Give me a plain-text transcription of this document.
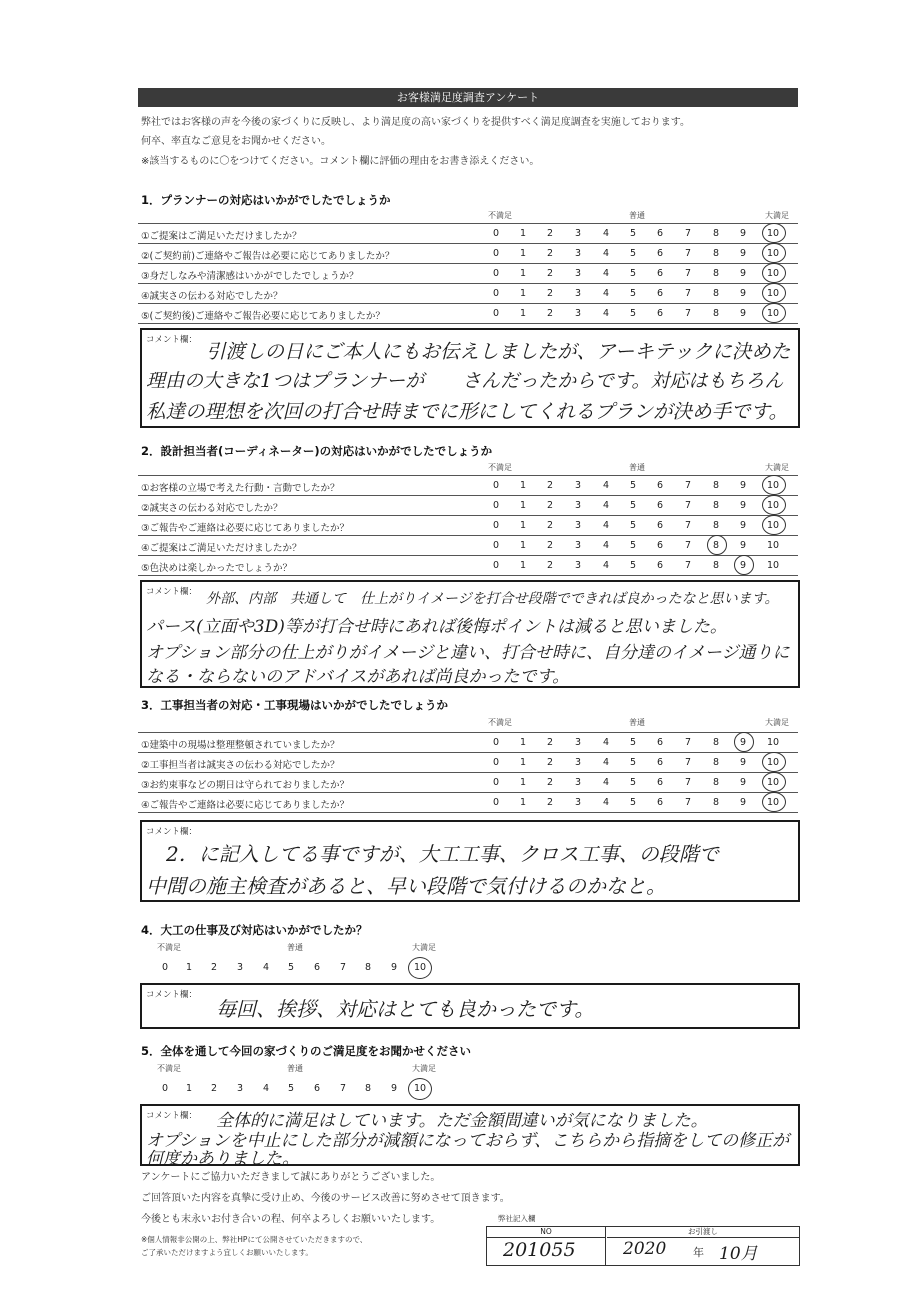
お客様満足度調査アンケート
弊社ではお客様の声を今後の家づくりに反映し、より満足度の高い家づくりを提供すべく満足度調査を実施しております。
何卒、率直なご意見をお聞かせください。
※該当するものに〇をつけてください。コメント欄に評価の理由をお書き添えください。
1．プランナーの対応はいかがでしたでしょうか
不満足	普通	大満足
①ご提案はご満足いただけましたか？	0	1	2	3	4	5	6	7	8	9	10
②(ご契約前)ご連絡やご報告は必要に応じてありましたか？	0	1	2	3	4	5	6	7	8	9	10
③身だしなみや清潔感はいかがでしたでしょうか？	0	1	2	3	4	5	6	7	8	9	10
④誠実さの伝わる対応でしたか？	0	1	2	3	4	5	6	7	8	9	10
⑤(ご契約後)ご連絡やご報告必要に応じてありましたか？	0	1	2	3	4	5	6	7	8	9	10
コメント欄： 引渡しの日にご本人にもお伝えしましたが、アーキテックに決めた
理由の大きな1つはプランナーが　　さんだったからです。対応はもちろん
私達の理想を次回の打合せ時までに形にしてくれるプランが決め手です。
2．設計担当者(コーディネーター)の対応はいかがでしたでしょうか
不満足	普通	大満足
①お客様の立場で考えた行動・言動でしたか？	0	1	2	3	4	5	6	7	8	9	10
②誠実さの伝わる対応でしたか？	0	1	2	3	4	5	6	7	8	9	10
③ご報告やご連絡は必要に応じてありましたか？	0	1	2	3	4	5	6	7	8	9	10
④ご提案はご満足いただけましたか？	0	1	2	3	4	5	6	7	8	9	10
⑤色決めは楽しかったでしょうか？	0	1	2	3	4	5	6	7	8	9	10
コメント欄： 外部、内部　共通して　仕上がりイメージを打合せ段階でできれば良かったなと思います。
パース(立面や3D)等が打合せ時にあれば後悔ポイントは減ると思いました。
オプション部分の仕上がりがイメージと違い、打合せ時に、自分達のイメージ通りに
なる・ならないのアドバイスがあれば尚良かったです。
3．工事担当者の対応・工事現場はいかがでしたでしょうか
不満足	普通	大満足
①建築中の現場は整理整頓されていましたか？	0	1	2	3	4	5	6	7	8	9	10
②工事担当者は誠実さの伝わる対応でしたか？	0	1	2	3	4	5	6	7	8	9	10
③お約束事などの期日は守られておりましたか？	0	1	2	3	4	5	6	7	8	9	10
④ご報告やご連絡は必要に応じてありましたか？	0	1	2	3	4	5	6	7	8	9	10
コメント欄：
2．に記入してる事ですが、大工工事、クロス工事、の段階で
中間の施主検査があると、早い段階で気付けるのかなと。
4．大工の仕事及び対応はいかがでしたか？
不満足	普通	大満足
0	1	2	3	4	5	6	7	8	9	10
コメント欄：
毎回、挨拶、対応はとても良かったです。
5．全体を通して今回の家づくりのご満足度をお聞かせください
不満足	普通	大満足
0	1	2	3	4	5	6	7	8	9	10
コメント欄： 全体的に満足はしています。ただ金額間違いが気になりました。
オプションを中止にした部分が減額になっておらず、こちらから指摘をしての修正が
何度かありました。
アンケートにご協力いただきまして誠にありがとうございました。
ご回答頂いた内容を真摯に受け止め、今後のサービス改善に努めさせて頂きます。
今後とも末永いお付き合いの程、何卒よろしくお願いいたします。
※個人情報非公開の上、弊社HPにて公開させていただきますので、
ご了承いただけますよう宜しくお願いいたします。
弊社記入欄
NO
201055
お引渡し
2020 年 10月
